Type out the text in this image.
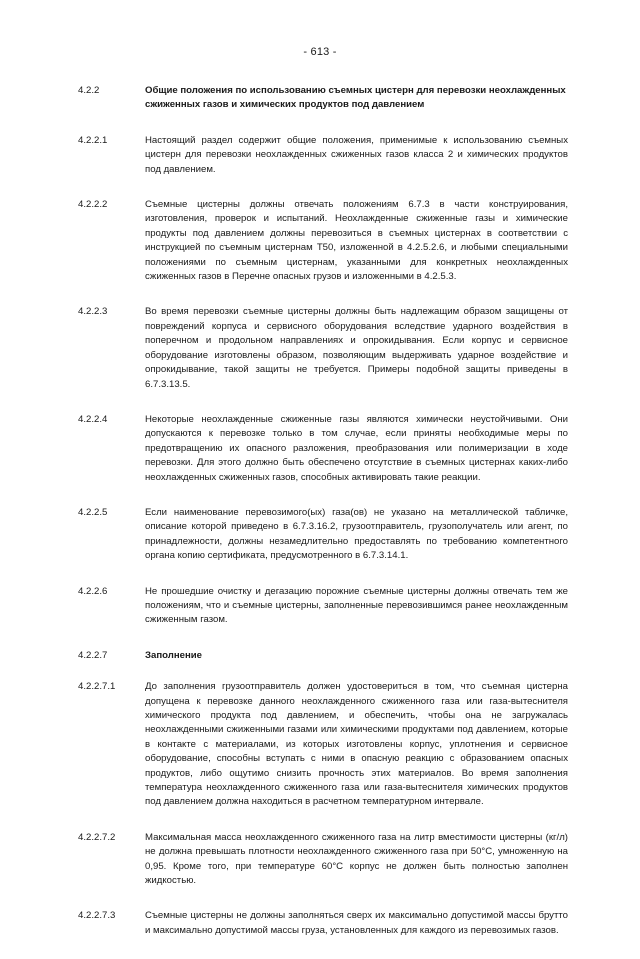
- 613 -
4.2.2	Общие положения по использованию съемных цистерн для перевозки неохлажденных сжиженных газов и химических продуктов под давлением
4.2.2.1	Настоящий раздел содержит общие положения, применимые к использованию съемных цистерн для перевозки неохлажденных сжиженных газов класса 2 и химических продуктов под давлением.
4.2.2.2	Съемные цистерны должны отвечать положениям 6.7.3 в части конструирования, изготовления, проверок и испытаний. Неохлажденные сжиженные газы и химические продукты под давлением должны перевозиться в съемных цистернах в соответствии с инструкцией по съемным цистернам T50, изложенной в 4.2.5.2.6, и любыми специальными положениями по съемным цистернам, указанными для конкретных неохлажденных сжиженных газов в Перечне опасных грузов и изложенными в 4.2.5.3.
4.2.2.3	Во время перевозки съемные цистерны должны быть надлежащим образом защищены от повреждений корпуса и сервисного оборудования вследствие ударного воздействия в поперечном и продольном направлениях и опрокидывания. Если корпус и сервисное оборудование изготовлены образом, позволяющим выдерживать ударное воздействие и опрокидывание, такой защиты не требуется. Примеры подобной защиты приведены в 6.7.3.13.5.
4.2.2.4	Некоторые неохлажденные сжиженные газы являются химически неустойчивыми. Они допускаются к перевозке только в том случае, если приняты необходимые меры по предотвращению их опасного разложения, преобразования или полимеризации в ходе перевозки. Для этого должно быть обеспечено отсутствие в съемных цистернах каких-либо неохлажденных сжиженных газов, способных активировать такие реакции.
4.2.2.5	Если наименование перевозимого(ых) газа(ов) не указано на металлической табличке, описание которой приведено в 6.7.3.16.2, грузоотправитель, грузополучатель или агент, по принадлежности, должны незамедлительно предоставлять по требованию компетентного органа копию сертификата, предусмотренного в 6.7.3.14.1.
4.2.2.6	Не прошедшие очистку и дегазацию порожние съемные цистерны должны отвечать тем же положениям, что и съемные цистерны, заполненные перевозившимся ранее неохлажденным сжиженным газом.
4.2.2.7	Заполнение
4.2.2.7.1	До заполнения грузоотправитель должен удостовериться в том, что съемная цистерна допущена к перевозке данного неохлажденного сжиженного газа или газа-вытеснителя химического продукта под давлением, и обеспечить, чтобы она не загружалась неохлажденными сжиженными газами или химическими продуктами под давлением, которые в контакте с материалами, из которых изготовлены корпус, уплотнения и сервисное оборудование, способны вступать с ними в опасную реакцию с образованием опасных продуктов, либо ощутимо снизить прочность этих материалов. Во время заполнения температура неохлажденного сжиженного газа или газа-вытеснителя химических продуктов под давлением должна находиться в расчетном температурном интервале.
4.2.2.7.2	Максимальная масса неохлажденного сжиженного газа на литр вместимости цистерны (кг/л) не должна превышать плотности неохлажденного сжиженного газа при 50°C, умноженную на 0,95. Кроме того, при температуре 60°C корпус не должен быть полностью заполнен жидкостью.
4.2.2.7.3	Съемные цистерны не должны заполняться сверх их максимально допустимой массы брутто и максимально допустимой массы груза, установленных для каждого из перевозимых газов.
